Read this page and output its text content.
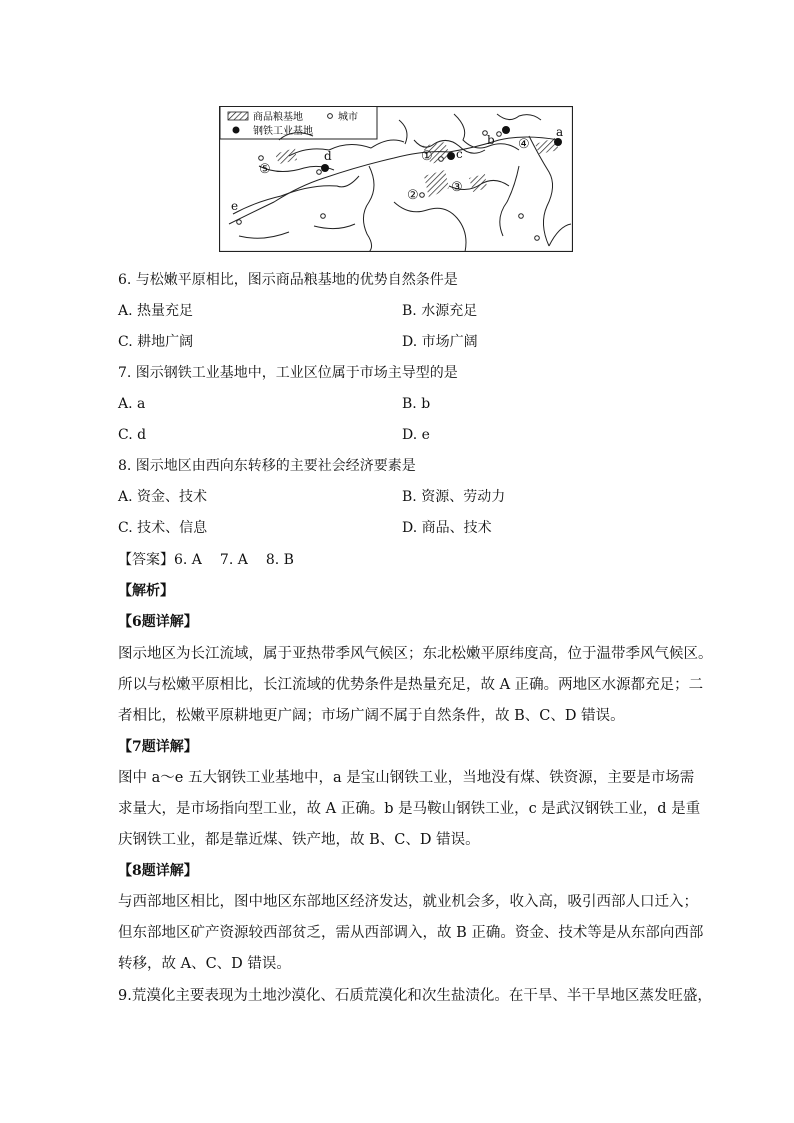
商品粮基地	城市
钢铁工业基地	a
b
c
d
e
①
②
③
④
⑤
6. 与松嫩平原相比，图示商品粮基地的优势自然条件是
A. 热量充足	B. 水源充足
C. 耕地广阔	D. 市场广阔
7. 图示钢铁工业基地中，工业区位属于市场主导型的是
A. a	B. b
C. d	D. e
8. 图示地区由西向东转移的主要社会经济要素是
A. 资金、技术	B. 资源、劳动力
C. 技术、信息	D. 商品、技术
【答案】6. A 7. A 8. B
【解析】
【6题详解】
图示地区为长江流域，属于亚热带季风气候区；东北松嫩平原纬度高，位于温带季风气候区。
所以与松嫩平原相比，长江流域的优势条件是热量充足，故 A 正确。两地区水源都充足；二
者相比，松嫩平原耕地更广阔；市场广阔不属于自然条件，故 B、C、D 错误。
【7题详解】
图中 a～e 五大钢铁工业基地中，a 是宝山钢铁工业，当地没有煤、铁资源，主要是市场需
求量大，是市场指向型工业，故 A 正确。b 是马鞍山钢铁工业，c 是武汉钢铁工业，d 是重
庆钢铁工业，都是靠近煤、铁产地，故 B、C、D 错误。
【8题详解】
与西部地区相比，图中地区东部地区经济发达，就业机会多，收入高，吸引西部人口迁入；
但东部地区矿产资源较西部贫乏，需从西部调入，故 B 正确。资金、技术等是从东部向西部
转移，故 A、C、D 错误。
9.荒漠化主要表现为土地沙漠化、石质荒漠化和次生盐渍化。在干旱、半干旱地区蒸发旺盛，
